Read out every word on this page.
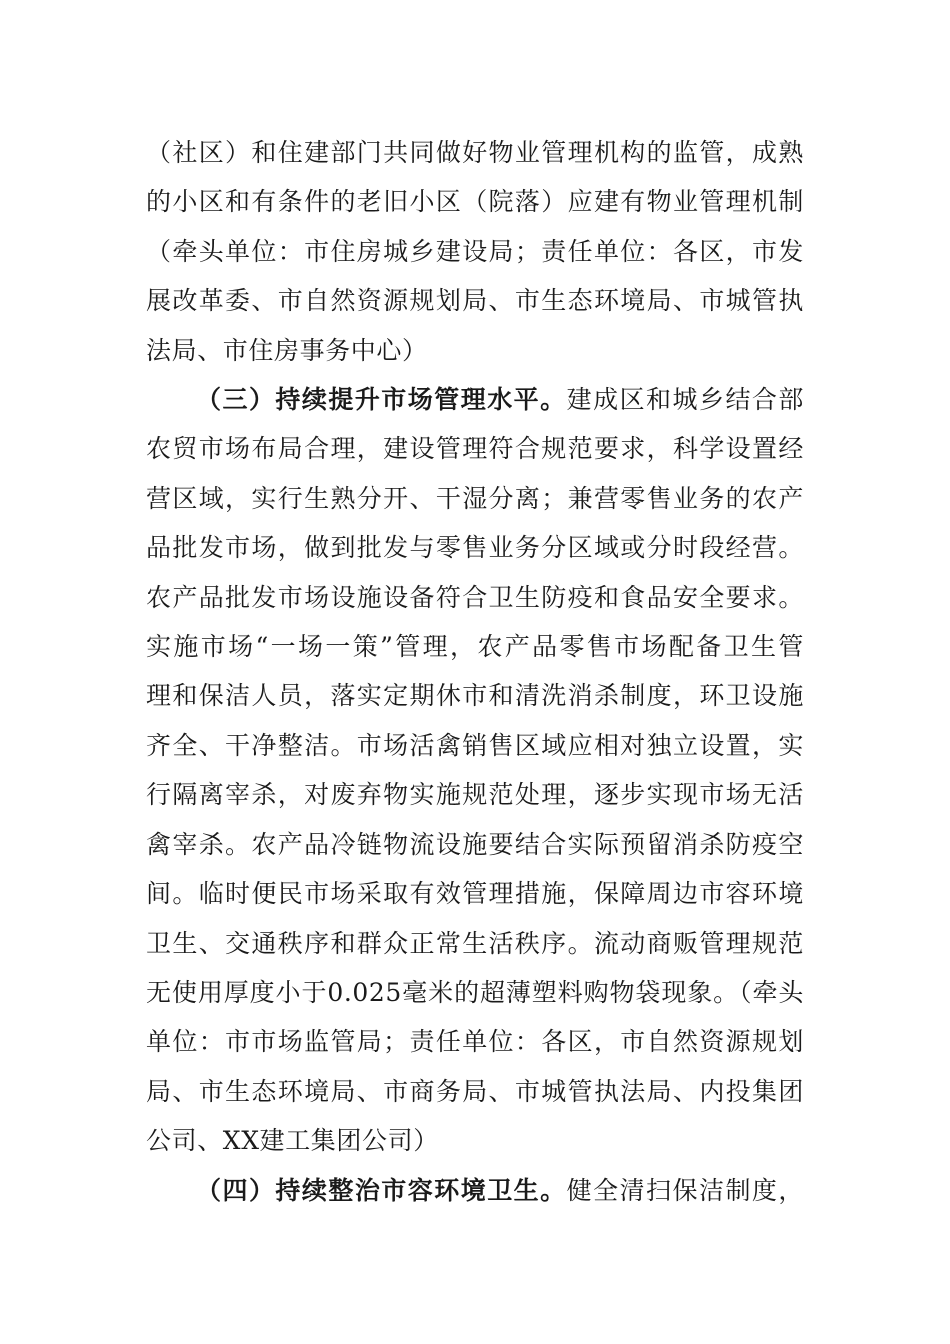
（社区）和住建部门共同做好物业管理机构的监管，成熟
的小区和有条件的老旧小区（院落）应建有物业管理机制
（牵头单位：市住房城乡建设局；责任单位：各区，市发
展改革委、市自然资源规划局、市生态环境局、市城管执
法局、市住房事务中心）
（三）持续提升市场管理水平。建成区和城乡结合部
农贸市场布局合理，建设管理符合规范要求，科学设置经
营区域，实行生熟分开、干湿分离；兼营零售业务的农产
品批发市场，做到批发与零售业务分区域或分时段经营。
农产品批发市场设施设备符合卫生防疫和食品安全要求。
实施市场“一场一策”管理，农产品零售市场配备卫生管
理和保洁人员，落实定期休市和清洗消杀制度，环卫设施
齐全、干净整洁。市场活禽销售区域应相对独立设置，实
行隔离宰杀，对废弃物实施规范处理，逐步实现市场无活
禽宰杀。农产品冷链物流设施要结合实际预留消杀防疫空
间。临时便民市场采取有效管理措施，保障周边市容环境
卫生、交通秩序和群众正常生活秩序。流动商贩管理规范
无使用厚度小于0.025毫米的超薄塑料购物袋现象。（牵头
单位：市市场监管局；责任单位：各区，市自然资源规划
局、市生态环境局、市商务局、市城管执法局、内投集团
公司、XX建工集团公司）
（四）持续整治市容环境卫生。健全清扫保洁制度，
